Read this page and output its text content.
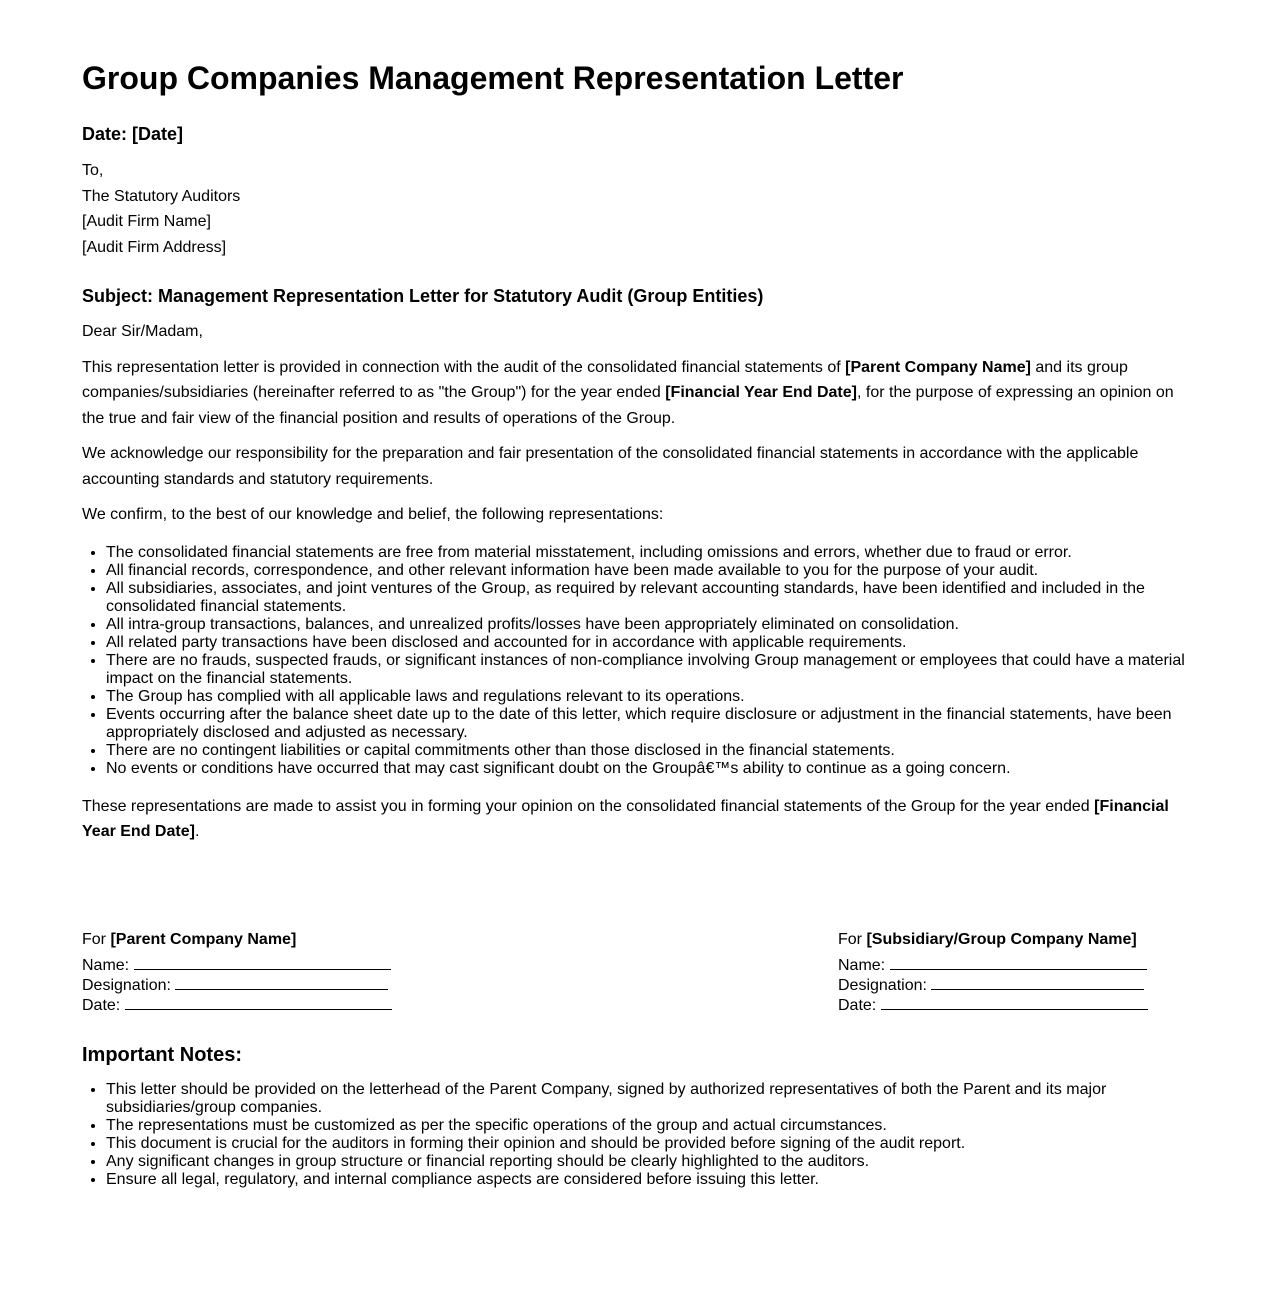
Group Companies Management Representation Letter
Date: [Date]
To,
The Statutory Auditors
[Audit Firm Name]
[Audit Firm Address]
Subject: Management Representation Letter for Statutory Audit (Group Entities)

Dear Sir/Madam,

This representation letter is provided in connection with the audit of the consolidated financial statements of [Parent Company Name] and its group companies/subsidiaries (hereinafter referred to as "the Group") for the year ended [Financial Year End Date], for the purpose of expressing an opinion on the true and fair view of the financial position and results of operations of the Group.

We acknowledge our responsibility for the preparation and fair presentation of the consolidated financial statements in accordance with the applicable accounting standards and statutory requirements.

We confirm, to the best of our knowledge and belief, the following representations:

• The consolidated financial statements are free from material misstatement, including omissions and errors, whether due to fraud or error.
• All financial records, correspondence, and other relevant information have been made available to you for the purpose of your audit.
• All subsidiaries, associates, and joint ventures of the Group, as required by relevant accounting standards, have been identified and included in the consolidated financial statements.
• All intra-group transactions, balances, and unrealized profits/losses have been appropriately eliminated on consolidation.
• All related party transactions have been disclosed and accounted for in accordance with applicable requirements.
• There are no frauds, suspected frauds, or significant instances of non-compliance involving Group management or employees that could have a material impact on the financial statements.
• The Group has complied with all applicable laws and regulations relevant to its operations.
• Events occurring after the balance sheet date up to the date of this letter, which require disclosure or adjustment in the financial statements, have been appropriately disclosed and adjusted as necessary.
• There are no contingent liabilities or capital commitments other than those disclosed in the financial statements.
• No events or conditions have occurred that may cast significant doubt on the Groupâ€™s ability to continue as a going concern.

These representations are made to assist you in forming your opinion on the consolidated financial statements of the Group for the year ended [Financial Year End Date].

For [Parent Company Name]
Name:
Designation:
Date:
For [Subsidiary/Group Company Name]
Name:
Designation:
Date:
Important Notes:
• This letter should be provided on the letterhead of the Parent Company, signed by authorized representatives of both the Parent and its major subsidiaries/group companies.
• The representations must be customized as per the specific operations of the group and actual circumstances.
• This document is crucial for the auditors in forming their opinion and should be provided before signing of the audit report.
• Any significant changes in group structure or financial reporting should be clearly highlighted to the auditors.
• Ensure all legal, regulatory, and internal compliance aspects are considered before issuing this letter.
